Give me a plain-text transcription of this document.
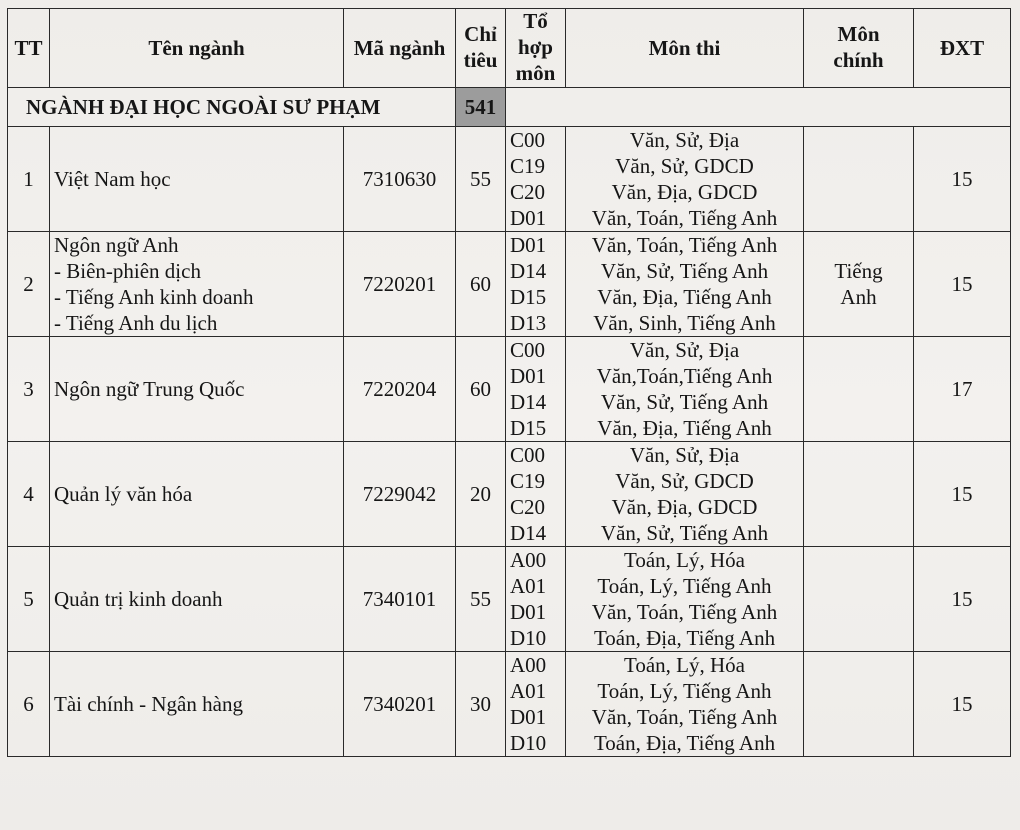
TT	Tên ngành	Mã ngành	Chỉ
tiêu	Tổ
hợp
môn	Môn thi	Môn
chính	ĐXT
NGÀNH ĐẠI HỌC NGOÀI SƯ PHẠM			541				
1	Việt Nam học	7310630	55	C00
C19
C20
D01	Văn, Sử, Địa
Văn, Sử, GDCD
Văn, Địa, GDCD
Văn, Toán, Tiếng Anh		15
2	Ngôn ngữ Anh
- Biên-phiên dịch
- Tiếng Anh kinh doanh
- Tiếng Anh du lịch	7220201	60	D01
D14
D15
D13	Văn, Toán, Tiếng Anh
Văn, Sử, Tiếng Anh
Văn, Địa, Tiếng Anh
Văn, Sinh, Tiếng Anh	Tiếng
Anh	15
3	Ngôn ngữ Trung Quốc	7220204	60	C00
D01
D14
D15	Văn, Sử, Địa
Văn,Toán,Tiếng Anh
Văn, Sử, Tiếng Anh
Văn, Địa, Tiếng Anh		17
4	Quản lý văn hóa	7229042	20	C00
C19
C20
D14	Văn, Sử, Địa
Văn, Sử, GDCD
Văn, Địa, GDCD
Văn, Sử, Tiếng Anh		15
5	Quản trị kinh doanh	7340101	55	A00
A01
D01
D10	Toán, Lý, Hóa
Toán, Lý, Tiếng Anh
Văn, Toán, Tiếng Anh
Toán, Địa, Tiếng Anh		15
6	Tài chính - Ngân hàng	7340201	30	A00
A01
D01
D10	Toán, Lý, Hóa
Toán, Lý, Tiếng Anh
Văn, Toán, Tiếng Anh
Toán, Địa, Tiếng Anh		15
